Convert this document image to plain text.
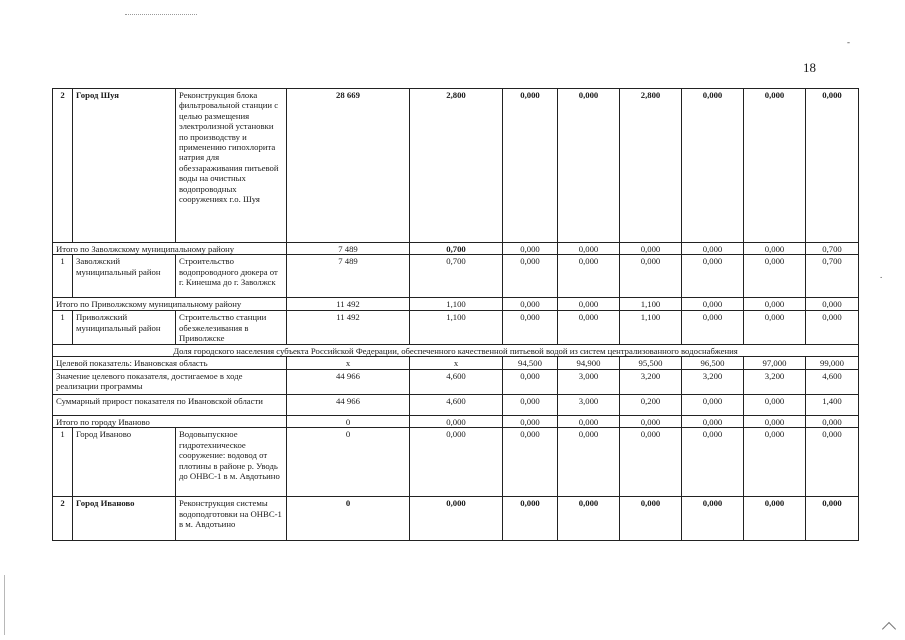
18
-
.
2	Город Шуя	Реконструкция блока фильтровальной станции с целью размещения электролизной установки по производству и применению гипохлорита натрия для обеззараживания питьевой воды на очистных водопроводных сооружениях г.о. Шуя	28 669	2,800	0,000	0,000	2,800	0,000	0,000	0,000
Итого по Заволжскому муниципальному району			7 489	0,700	0,000	0,000	0,000	0,000	0,000	0,700
1	Заволжский муниципальный район	Строительство водопроводного дюкера от г. Кинешма до г. Заволжск	7 489	0,700	0,000	0,000	0,000	0,000	0,000	0,700
Итого по Приволжскому муниципальному району			11 492	1,100	0,000	0,000	1,100	0,000	0,000	0,000
1	Приволжский муниципальный район	Строительство станции обезжелезивания в Приволжске	11 492	1,100	0,000	0,000	1,100	0,000	0,000	0,000
Доля городского населения субъекта Российской Федерации, обеспеченного качественной питьевой водой из систем централизованного водоснабжения										
Целевой показатель: Ивановская область			x	x	94,500	94,900	95,500	96,500	97,000	99,000
Значение целевого показателя, достигаемое в ходе реализации программы			44 966	4,600	0,000	3,000	3,200	3,200	3,200	4,600
Суммарный прирост показателя по Ивановской области			44 966	4,600	0,000	3,000	0,200	0,000	0,000	1,400
Итого по городу Иваново			0	0,000	0,000	0,000	0,000	0,000	0,000	0,000
1	Город Иваново	Водовыпускное гидротехническое сооружение: водовод от плотины в районе р. Уводь до ОНВС-1 в м. Авдотьино	0	0,000	0,000	0,000	0,000	0,000	0,000	0,000
2	Город Иваново	Реконструкция системы водоподготовки на ОНВС-1 в м. Авдотьино	0	0,000	0,000	0,000	0,000	0,000	0,000	0,000
